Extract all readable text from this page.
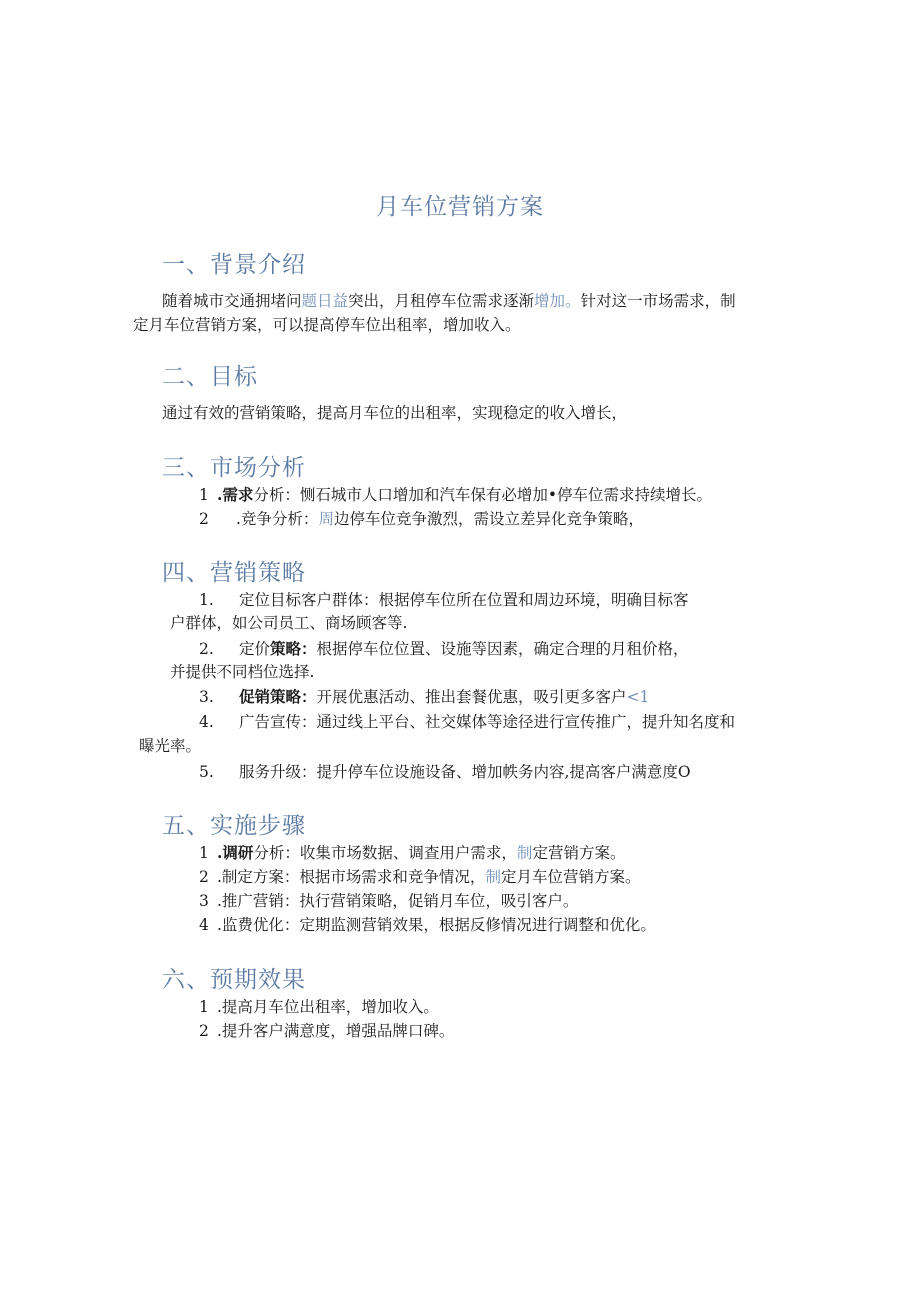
月车位营销方案
一、背景介绍
随着城市交通拥堵问题日益突出，月租停车位需求逐渐增加。针对这一市场需求，制
定月车位营销方案，可以提高停车位出租率，增加收入。
二、目标
通过有效的营销策略，提高月车位的出租率，实现稳定的收入增长，
三、市场分析
1 .需求分析：恻石城市人口增加和汽车保有必增加•停车位需求持续增长。
2 .竞争分析：周边停车位竞争激烈，需设立差异化竞争策略，
四、营销策略
1. 定位目标客户群体：根据停车位所在位置和周边环境，明确目标客
户群体，如公司员工、商场顾客等.
2. 定价策略：根据停车位位置、设施等因素，确定合理的月租价格，
并提供不同档位选择.
3. 促销策略：开展优惠活动、推出套餐优惠，吸引更多客户<1
4. 广告宣传：通过线上平台、社交媒体等途径进行宣传推广，提升知名度和
曝光率。
5. 服务升级：提升停车位设施设备、增加帙务内容,提高客户满意度O
五、实施步骤
1 .调研分析：收集市场数据、调查用户需求，制定营销方案。
2 .制定方案：根据市场需求和竞争情况，制定月车位营销方案。
3 .推广营销：执行营销策略，促销月车位，吸引客户。
4 .监费优化：定期监测营销效果，根据反修情况进行调整和优化。
六、预期效果
1 .提高月车位出租率，增加收入。
2 .提升客户满意度，增强品牌口碑。
